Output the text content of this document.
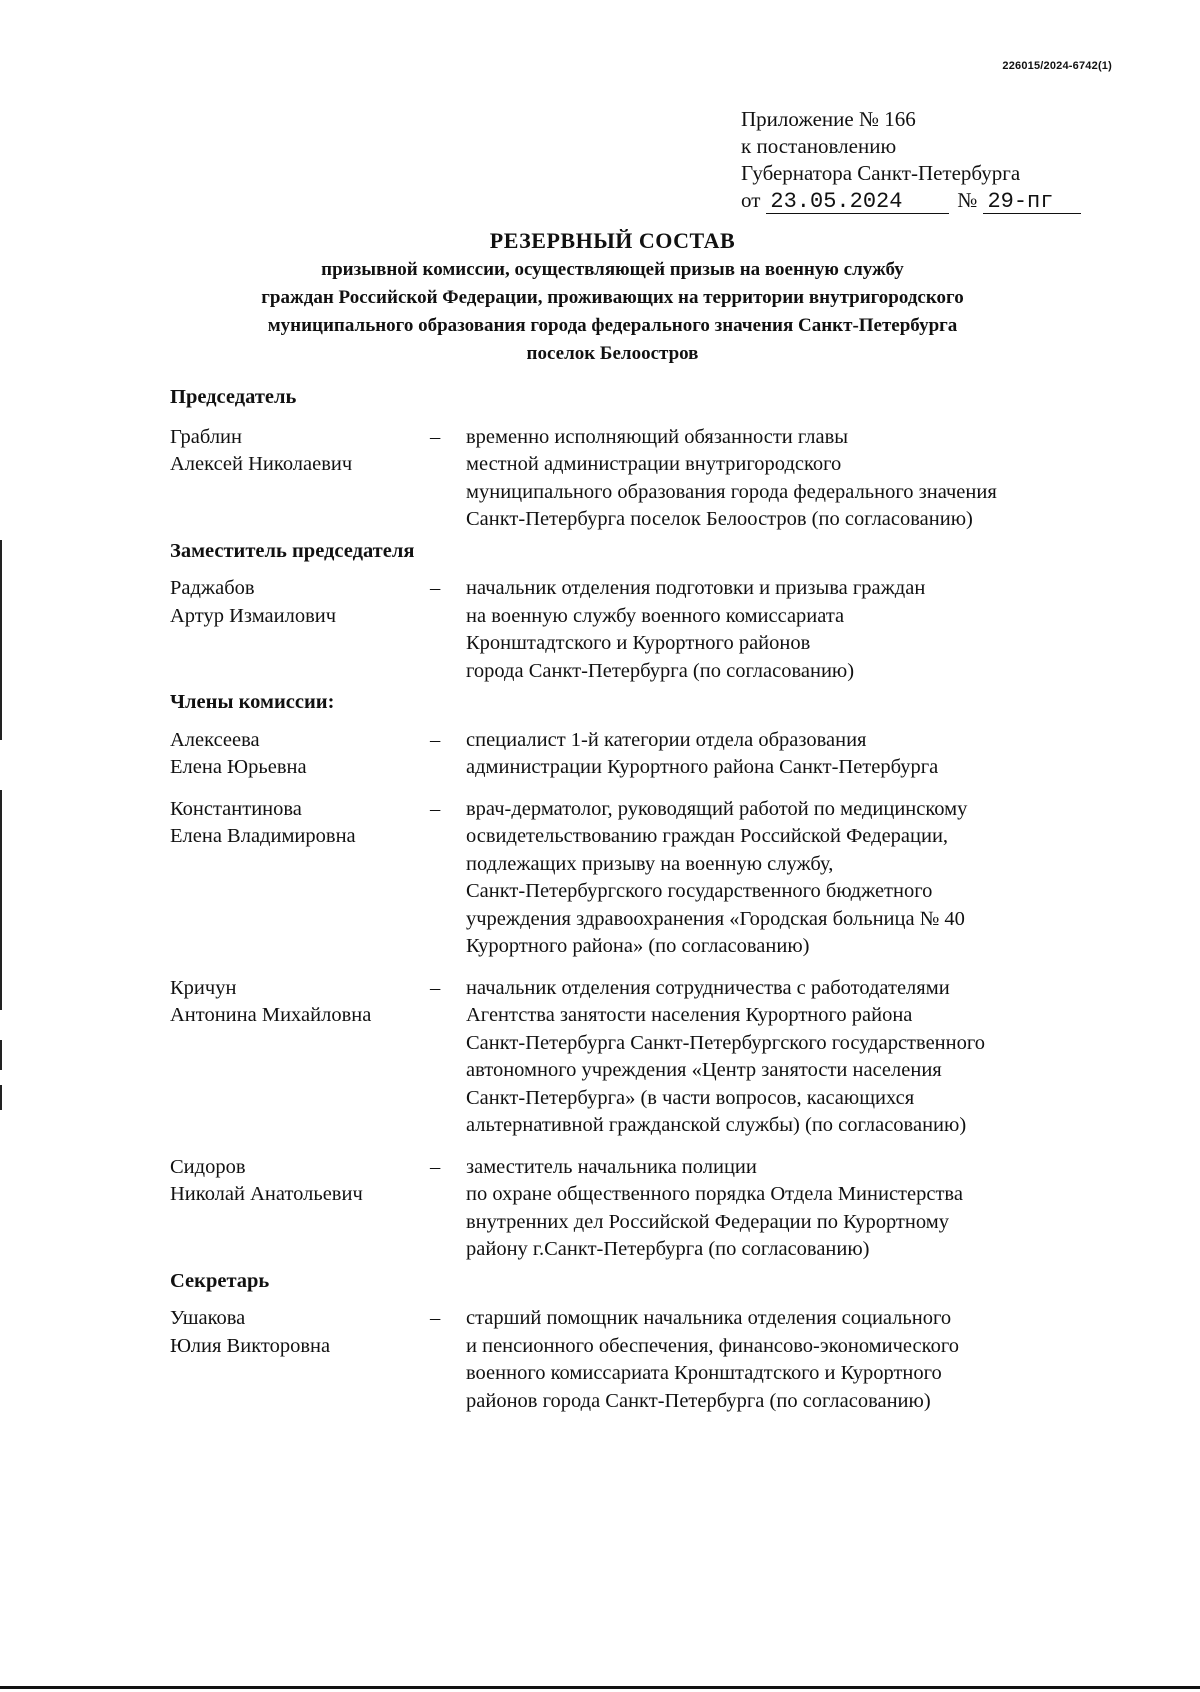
226015/2024-6742(1)
Приложение № 166
к постановлению
Губернатора Санкт-Петербурга
от 23.05.2024	№ 29-пг
РЕЗЕРВНЫЙ СОСТАВ
призывной комиссии, осуществляющей призыв на военную службу
граждан Российской Федерации, проживающих на территории внутригородского
муниципального образования города федерального значения Санкт-Петербурга
поселок Белоостров

Председатель

Граблин
Алексей Николаевич
–	временно исполняющий обязанности главы
местной администрации внутригородского
муниципального образования города федерального значения
Санкт-Петербурга поселок Белоостров (по согласованию)

Заместитель председателя

Раджабов
Артур Измаилович
–	начальник отделения подготовки и призыва граждан
на военную службу военного комиссариата
Кронштадтского и Курортного районов
города Санкт-Петербурга (по согласованию)

Члены комиссии:

Алексеева
Елена Юрьевна
–	специалист 1-й категории отдела образования
администрации Курортного района Санкт-Петербурга
Константинова
Елена Владимировна
–	врач-дерматолог, руководящий работой по медицинскому
освидетельствованию граждан Российской Федерации,
подлежащих призыву на военную службу,
Санкт-Петербургского государственного бюджетного
учреждения здравоохранения «Городская больница № 40
Курортного района» (по согласованию)
Кричун
Антонина Михайловна
–	начальник отделения сотрудничества с работодателями
Агентства занятости населения Курортного района
Санкт-Петербурга Санкт-Петербургского государственного
автономного учреждения «Центр занятости населения
Санкт-Петербурга» (в части вопросов, касающихся
альтернативной гражданской службы) (по согласованию)
Сидоров
Николай Анатольевич
–	заместитель начальника полиции
по охране общественного порядка Отдела Министерства
внутренних дел Российской Федерации по Курортному
району г.Санкт-Петербурга (по согласованию)

Секретарь

Ушакова
Юлия Викторовна
–	старший помощник начальника отделения социального
и пенсионного обеспечения, финансово-экономического
военного комиссариата Кронштадтского и Курортного
районов города Санкт-Петербурга (по согласованию)
